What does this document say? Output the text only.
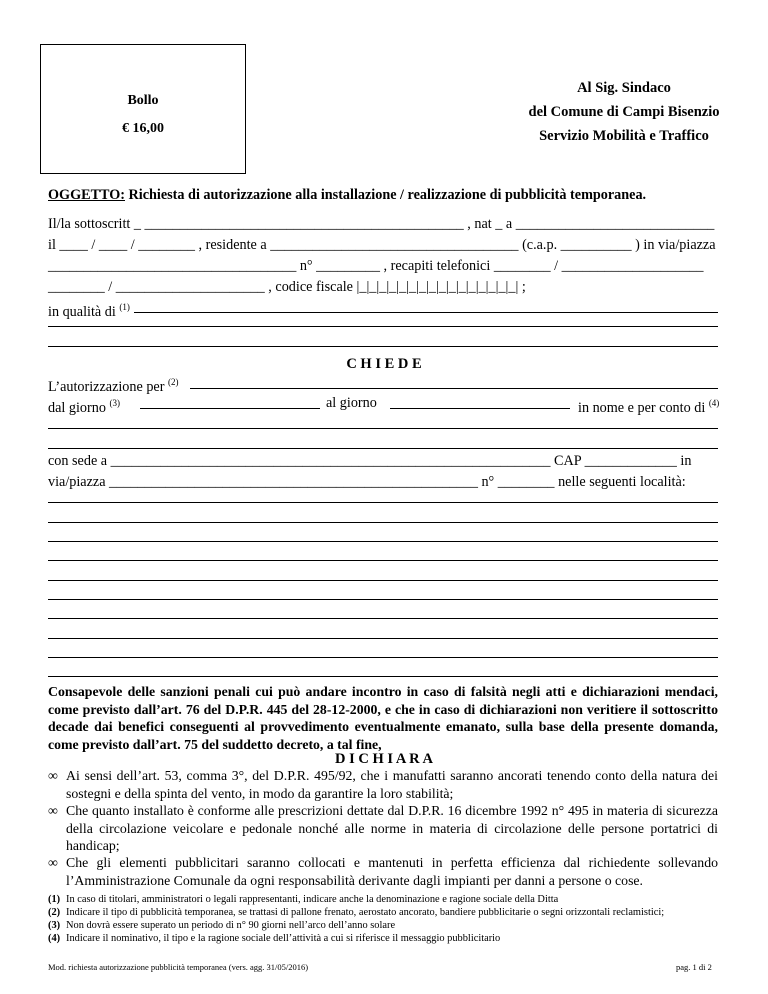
Bollo
€ 16,00
Al Sig. Sindaco
del Comune di Campi Bisenzio
Servizio Mobilità e Traffico
OGGETTO: Richiesta di autorizzazione alla installazione / realizzazione di pubblicità temporanea.
Il/la sottoscritt _ _____________________________________________ , nat _ a ____________________________
il ____ / ____ / ________ , residente a ___________________________________ (c.a.p. __________ ) in via/piazza
___________________________________ n° _________ , recapiti telefonici ________ / ____________________
________ / _____________________ , codice fiscale |_|_|_|_|_|_|_|_|_|_|_|_|_|_|_|_| ;
in qualità di $^{(1)}$
C H I E D E
L’autorizzazione per $^{(2)}$
dal giorno $^{(3)}$	al giorno	in nome e per conto di $^{(4)}$
con sede a ______________________________________________________________ CAP _____________ in
via/piazza ____________________________________________________ n° ________ nelle seguenti località:
Consapevole delle sanzioni penali cui può andare incontro in caso di falsità negli atti e dichiarazioni mendaci, come previsto dall’art. 76 del D.P.R. 445 del 28-12-2000, e che in caso di dichiarazioni non veritiere il sottoscritto decade dai benefici conseguenti al provvedimento eventualmente emanato, sulla base della presente domanda, come previsto dall’art. 75 del suddetto decreto, a tal fine,
D I C H I A R A
∞ Ai sensi dell’art. 53, comma 3°, del D.P.R. 495/92, che i manufatti saranno ancorati tenendo conto della natura dei sostegni e della spinta del vento, in modo da garantire la loro stabilità;
∞ Che quanto installato è conforme alle prescrizioni dettate dal D.P.R. 16 dicembre 1992 n° 495 in materia di sicurezza della circolazione veicolare e pedonale nonché alle norme in materia di circolazione delle persone portatrici di handicap;
∞ Che gli elementi pubblicitari saranno collocati e mantenuti in perfetta efficienza dal richiedente sollevando l’Amministrazione Comunale da ogni responsabilità derivante dagli impianti per danni a persone o cose.
(1) In caso di titolari, amministratori o legali rappresentanti, indicare anche la denominazione e ragione sociale della Ditta
(2) Indicare il tipo di pubblicità temporanea, se trattasi di pallone frenato, aerostato ancorato, bandiere pubblicitarie o segni orizzontali reclamistici;
(3) Non dovrà essere superato un periodo di n° 90 giorni nell’arco dell’anno solare
(4) Indicare il nominativo, il tipo e la ragione sociale dell’attività a cui si riferisce il messaggio pubblicitario
Mod. richiesta autorizzazione pubblicità temporanea (vers. agg. 31/05/2016)	pag. 1 di 2
